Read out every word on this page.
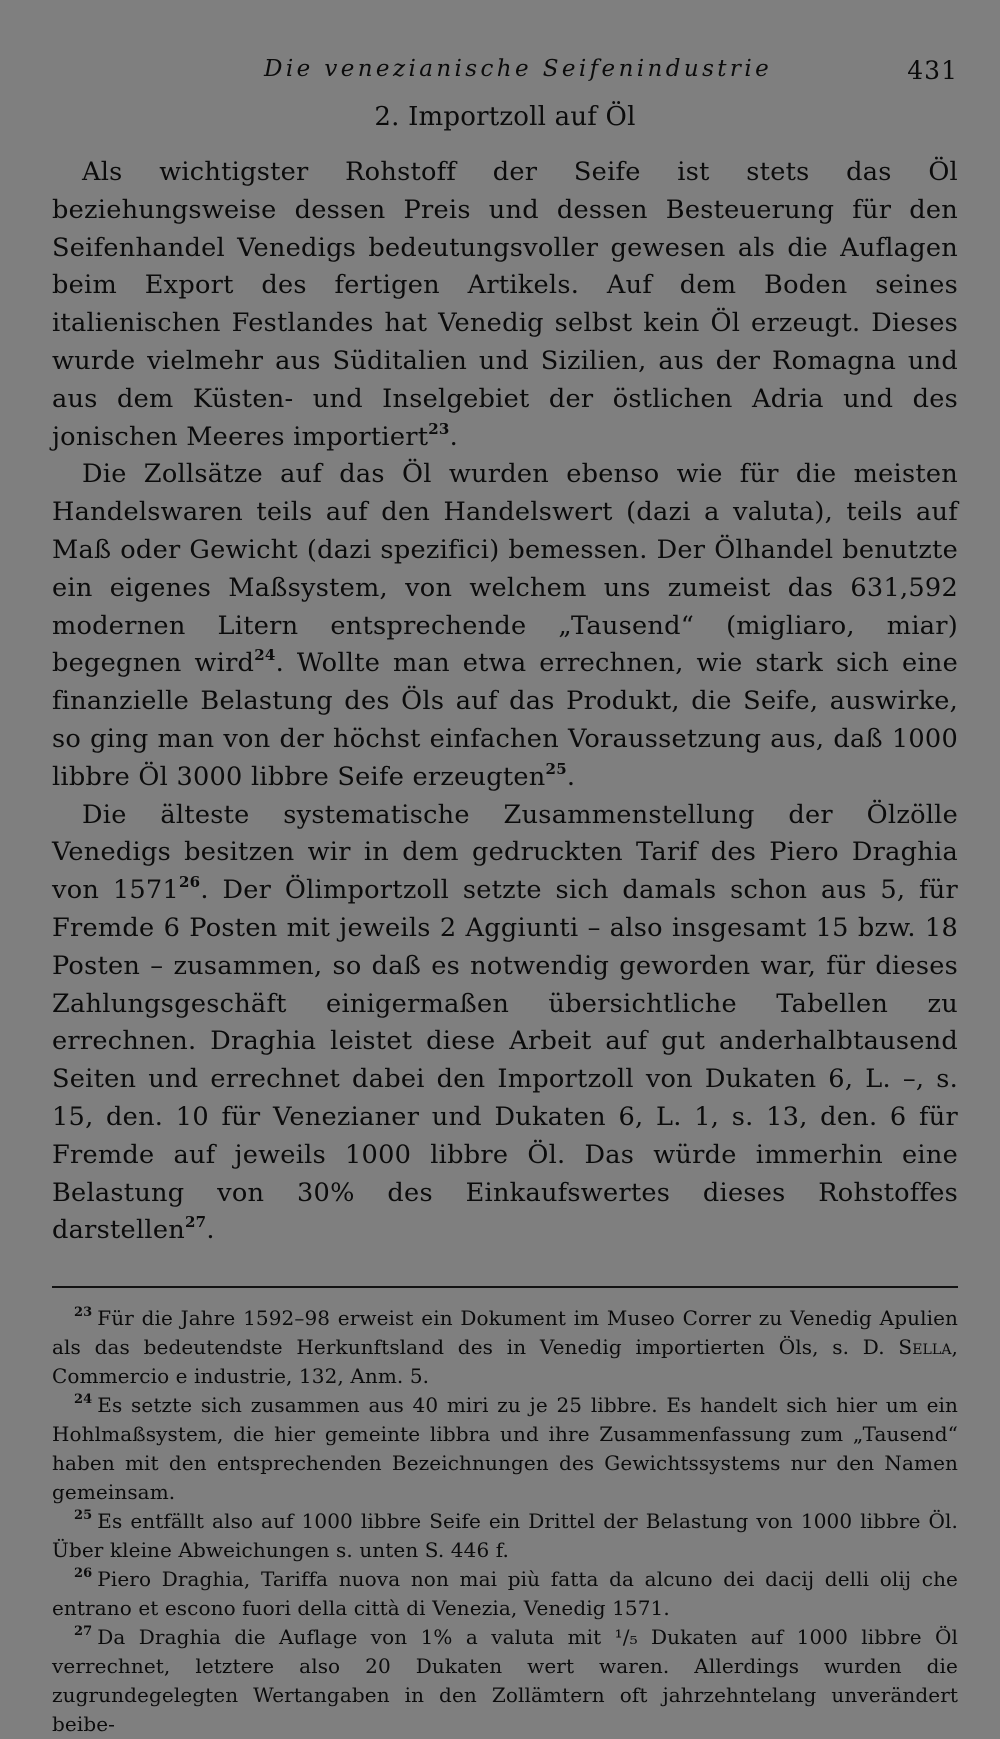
Die venezianische Seifenindustrie	431
2. Importzoll auf Öl

Als wichtigster Rohstoff der Seife ist stets das Öl beziehungsweise dessen Preis und dessen Besteuerung für den Seifenhandel Venedigs bedeutungsvoller gewesen als die Auflagen beim Export des fertigen Artikels. Auf dem Boden seines italienischen Festlandes hat Venedig selbst kein Öl erzeugt. Dieses wurde vielmehr aus Süditalien und Sizilien, aus der Romagna und aus dem Küsten- und Inselgebiet der östlichen Adria und des jonischen Meeres importiert$^{23}$.

Die Zollsätze auf das Öl wurden ebenso wie für die meisten Handelswaren teils auf den Handelswert (dazi a valuta), teils auf Maß oder Gewicht (dazi spezifici) bemessen. Der Ölhandel benutzte ein eigenes Maßsystem, von welchem uns zumeist das 631,592 modernen Litern entsprechende „Tausend“ (migliaro, miar) begegnen wird$^{24}$. Wollte man etwa errechnen, wie stark sich eine finanzielle Belastung des Öls auf das Produkt, die Seife, auswirke, so ging man von der höchst einfachen Voraussetzung aus, daß 1000 libbre Öl 3000 libbre Seife erzeugten$^{25}$.

Die älteste systematische Zusammenstellung der Ölzölle Venedigs besitzen wir in dem gedruckten Tarif des Piero Draghia von 1571$^{26}$. Der Ölimportzoll setzte sich damals schon aus 5, für Fremde 6 Posten mit jeweils 2 Aggiunti – also insgesamt 15 bzw. 18 Posten – zusammen, so daß es notwendig geworden war, für dieses Zahlungsgeschäft einigermaßen übersichtliche Tabellen zu errechnen. Draghia leistet diese Arbeit auf gut anderhalbtausend Seiten und errechnet dabei den Importzoll von Dukaten 6, L. –, s. 15, den. 10 für Venezianer und Dukaten 6, L. 1, s. 13, den. 6 für Fremde auf jeweils 1000 libbre Öl. Das würde immerhin eine Belastung von 30% des Einkaufswertes dieses Rohstoffes darstellen$^{27}$.

$^{23}$ Für die Jahre 1592–98 erweist ein Dokument im Museo Correr zu Venedig Apulien als das bedeutendste Herkunftsland des in Venedig importierten Öls, s. D. Sella, Commercio e industrie, 132, Anm. 5.

$^{24}$ Es setzte sich zusammen aus 40 miri zu je 25 libbre. Es handelt sich hier um ein Hohlmaßsystem, die hier gemeinte libbra und ihre Zusammenfassung zum „Tausend“ haben mit den entsprechenden Bezeichnungen des Gewichtssystems nur den Namen gemeinsam.

$^{25}$ Es entfällt also auf 1000 libbre Seife ein Drittel der Belastung von 1000 libbre Öl. Über kleine Abweichungen s. unten S. 446 f.

$^{26}$ Piero Draghia, Tariffa nuova non mai più fatta da alcuno dei dacij delli olij che entrano et escono fuori della città di Venezia, Venedig 1571.

$^{27}$ Da Draghia die Auflage von 1% a valuta mit ¹/₅ Dukaten auf 1000 libbre Öl verrechnet, letztere also 20 Dukaten wert waren. Allerdings wurden die zugrundegelegten Wertangaben in den Zollämtern oft jahrzehntelang unverändert beibe-
